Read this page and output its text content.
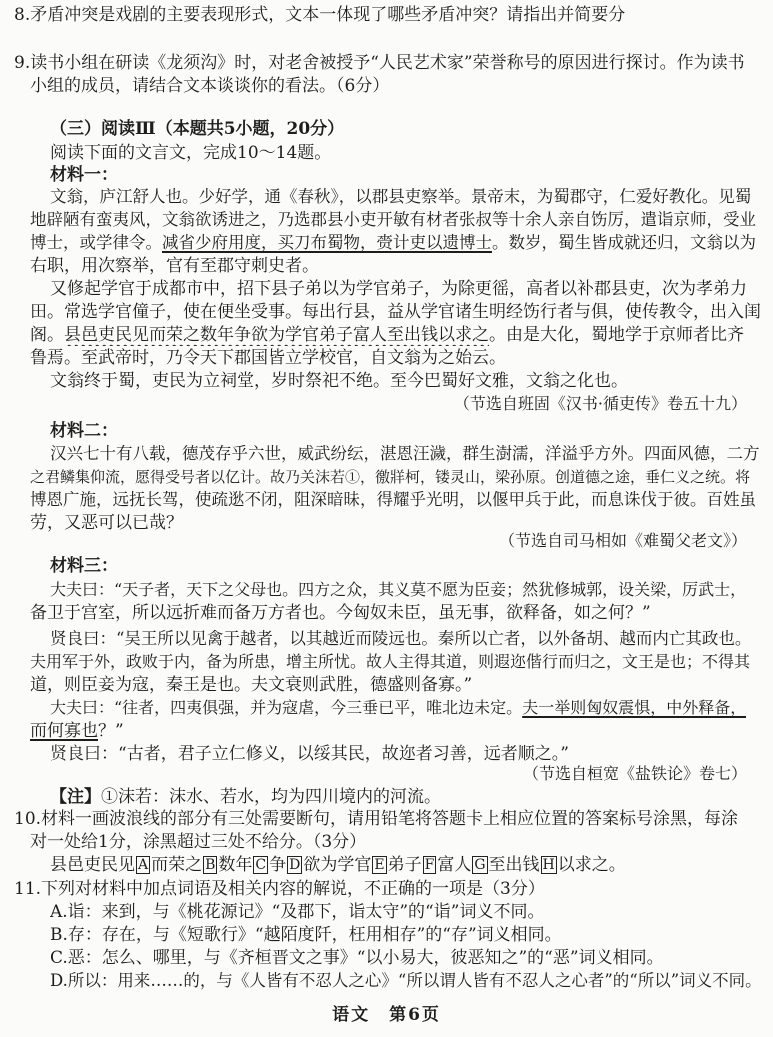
8.矛盾冲突是戏剧的主要表现形式，文本一体现了哪些矛盾冲突？请指出并简要分
9.读书小组在研读《龙须沟》时，对老舍被授予“人民艺术家”荣誉称号的原因进行探讨。作为读书
小组的成员，请结合文本谈谈你的看法。（6分）
（三）阅读Ⅲ（本题共5小题，20分）
阅读下面的文言文，完成10～14题。
材料一：
文翁，庐江舒人也。少好学，通《春秋》，以郡县吏察举。景帝末，为蜀郡守，仁爱好教化。见蜀
地辟陋有蛮夷风，文翁欲诱进之，乃选郡县小吏开敏有材者张叔等十余人亲自饬厉，遣诣京师，受业
博士，或学律令。减省少府用度，买刀布蜀物，赍计吏以遗博士。数岁，蜀生皆成就还归，文翁以为
右职，用次察举，官有至郡守刺史者。
又修起学官于成都市中，招下县子弟以为学官弟子，为除更徭，高者以补郡县吏，次为孝弟力
田。常选学官僮子，使在便坐受事。每出行县，益从学官诸生明经饬行者与俱，使传教令，出入闺
阁。县邑吏民见而荣之数年争欲为学官弟子富人至出钱以求之。由是大化，蜀地学于京师者比齐
鲁焉。至武帝时，乃令天下郡国皆立学校官，自文翁为之始云。
文翁终于蜀，吏民为立祠堂，岁时祭祀不绝。至今巴蜀好文雅，文翁之化也。
（节选自班固《汉书·循吏传》卷五十九）
材料二：
汉兴七十有八载，德茂存乎六世，威武纷纭，湛恩汪濊，群生澍濡，洋溢乎方外。四面风德，二方
之君鳞集仰流，愿得受号者以亿计。故乃关沫若①，徼牂柯，镂灵山，梁孙原。创道德之途，垂仁义之统。将
博恩广施，远抚长驾，使疏逖不闭，阻深暗昧，得耀乎光明，以偃甲兵于此，而息诛伐于彼。百姓虽
劳，又恶可以已哉？
（节选自司马相如《难蜀父老文》）
材料三：
大夫曰：“天子者，天下之父母也。四方之众，其义莫不愿为臣妾；然犹修城郭，设关梁，厉武士，
备卫于宫室，所以远折难而备万方者也。今匈奴未臣，虽无事，欲释备，如之何？”
贤良曰：“吴王所以见禽于越者，以其越近而陵远也。秦所以亡者，以外备胡、越而内亡其政也。
夫用军于外，政败于内，备为所患，增主所忧。故人主得其道，则遐迩偕行而归之，文王是也；不得其
道，则臣妾为寇，秦王是也。夫文衰则武胜，德盛则备寡。”
大夫曰：“往者，四夷俱强，并为寇虐，今三垂已平，唯北边未定。夫一举则匈奴震惧，中外释备，
而何寡也？”
贤良曰：“古者，君子立仁修义，以绥其民，故迩者习善，远者顺之。”
（节选自桓宽《盐铁论》卷七）
【注】①沫若：沫水、若水，均为四川境内的河流。
10.材料一画波浪线的部分有三处需要断句，请用铅笔将答题卡上相应位置的答案标号涂黑，每涂
对一处给1分，涂黑超过三处不给分。（3分）
县邑吏民见 A 而荣之 B 数年 C 争 D 欲为学官 E 弟子 F 富人 G 至出钱 H 以求之。
11.下列对材料中加点词语及相关内容的解说，不正确的一项是（3分）
A.诣：来到，与《桃花源记》“及郡下，诣太守”的“诣”词义不同。
B.存：存在，与《短歌行》“越陌度阡，枉用相存”的“存”词义相同。
C.恶：怎么、哪里，与《齐桓晋文之事》“以小易大，彼恶知之”的“恶”词义相同。
D.所以：用来……的，与《人皆有不忍人之心》“所以谓人皆有不忍人之心者”的“所以”词义不同。
语文　第6页
